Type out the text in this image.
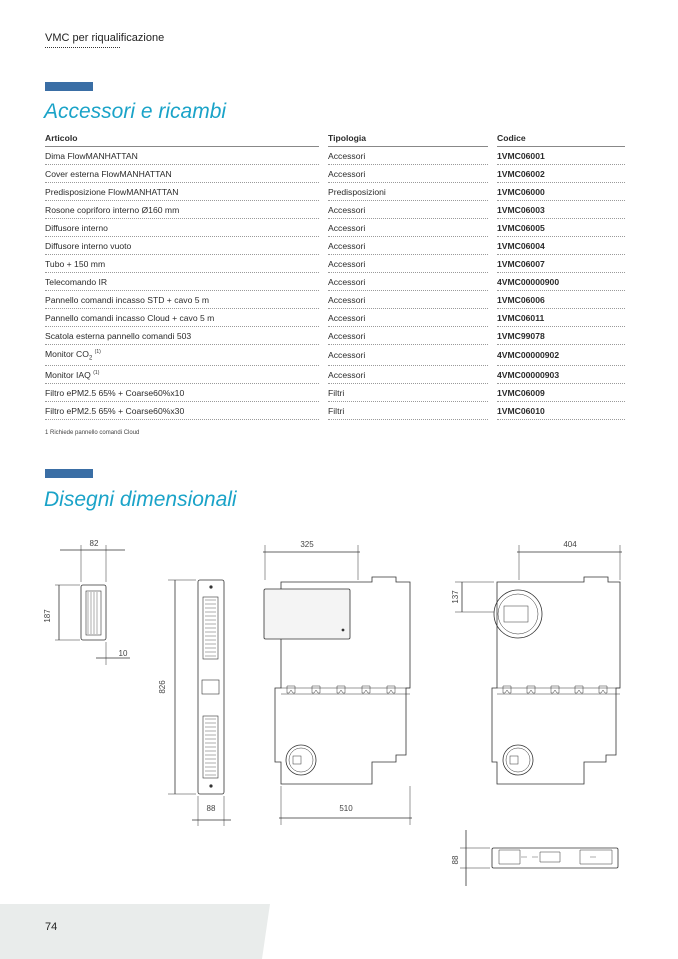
VMC per riqualificazione
Accessori e ricambi
Articolo		Tipologia		Codice
Dima FlowMANHATTAN		Accessori		1VMC06001
Cover esterna FlowMANHATTAN		Accessori		1VMC06002
Predisposizione FlowMANHATTAN		Predisposizioni		1VMC06000
Rosone coprifor​o interno Ø160 mm		Accessori		1VMC06003
Diffusore interno		Accessori		1VMC06005
Diffusore interno vuoto		Accessori		1VMC06004
Tubo + 150 mm		Accessori		1VMC06007
Telecomando IR		Accessori		4VMC00000900
Pannello comandi incasso STD + cavo 5 m		Accessori		1VMC06006
Pannello comandi incasso Cloud + cavo 5 m		Accessori		1VMC06011
Scatola esterna pannello comandi 503		Accessori		1VMC99078
Monitor $CO_2$ $^{(1)}$		Accessori		4VMC00000902
Monitor IAQ $^{(1)}$		Accessori		4VMC00000903
Filtro ePM2.5 65% + Coarse60%x10		Filtri		1VMC06009
Filtro ePM2.5 65% + Coarse60%x30		Filtri		1VMC06010
1 Richiede pannello comandi Cloud
Disegni dimensionali
82
187
10
826
88
325
510
404
137
88
74
